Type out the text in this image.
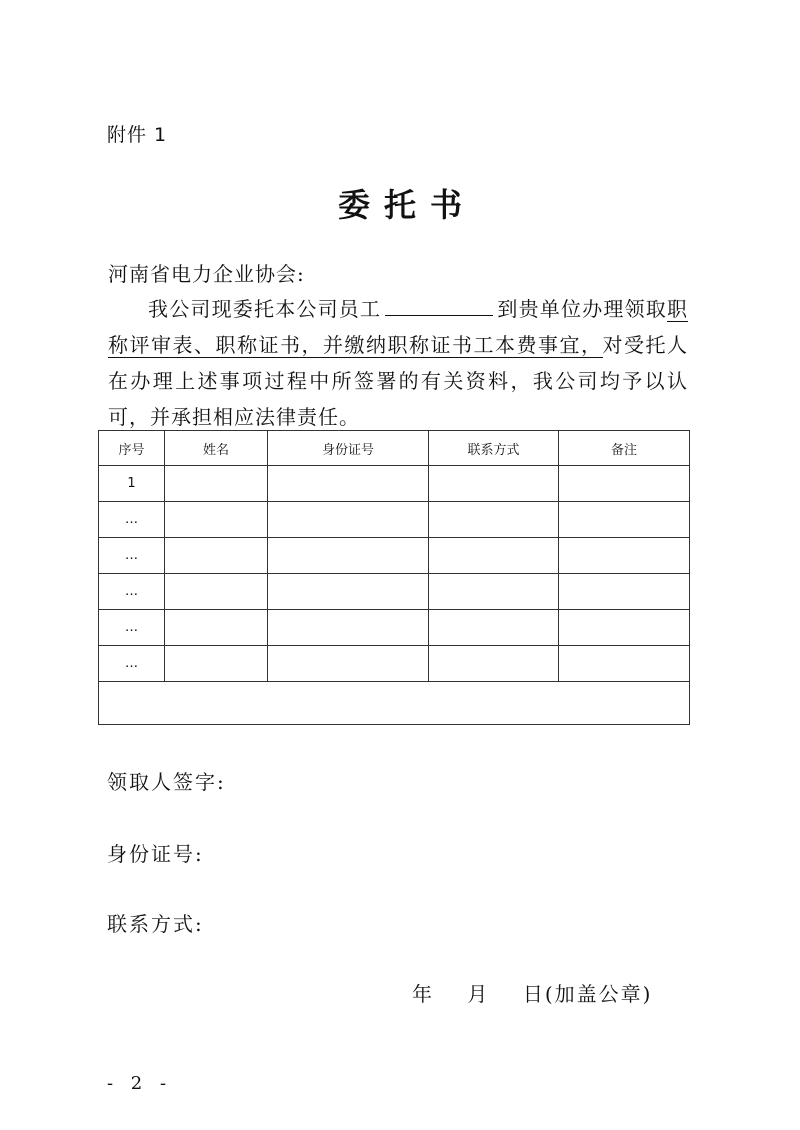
附件 1
委托书
河南省电力企业协会:
我公司现委托本公司员工	到贵单位办理领取职称评审表、职称证书，并缴纳职称证书工本费事宜，对受托人在办理上述事项过程中所签署的有关资料，我公司均予以认可，并承担相应法律责任。
序号	姓名	身份证号	联系方式	备注
1				
…				
…				
…				
…				
…				

领取人签字:
身份证号:
联系方式:
年    月    日(加盖公章)
- 2 -
